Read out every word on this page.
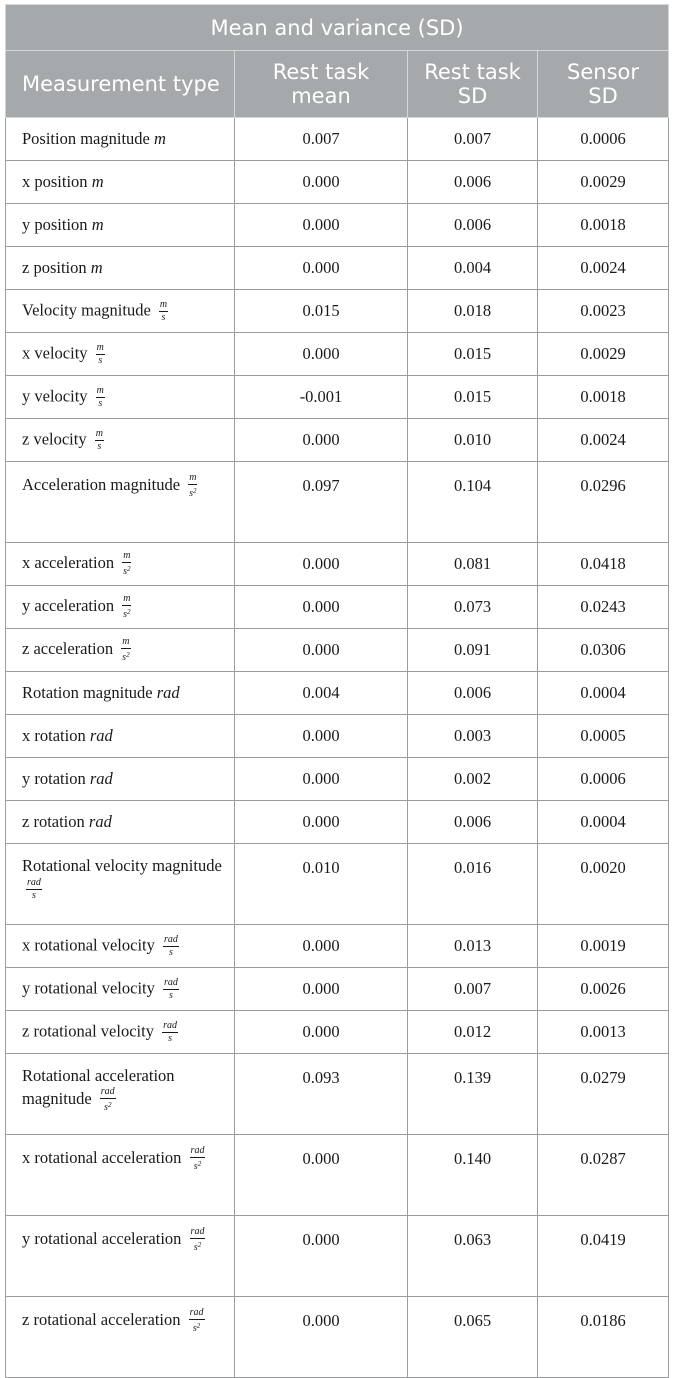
Mean and variance (SD)			
Measurement type	Rest task mean	Rest task SD	Sensor SD
Position magnitude m	0.007	0.007	0.0006
x position m	0.000	0.006	0.0029
y position m	0.000	0.006	0.0018
z position m	0.000	0.004	0.0024
Velocity magnitude $\frac{m}{s}$	0.015	0.018	0.0023
x velocity $\frac{m}{s}$	0.000	0.015	0.0029
y velocity $\frac{m}{s}$	-0.001	0.015	0.0018
z velocity $\frac{m}{s}$	0.000	0.010	0.0024
Acceleration magnitude $\frac{m}{s^2}$	0.097	0.104	0.0296
x acceleration $\frac{m}{s^2}$	0.000	0.081	0.0418
y acceleration $\frac{m}{s^2}$	0.000	0.073	0.0243
z acceleration $\frac{m}{s^2}$	0.000	0.091	0.0306
Rotation magnitude rad	0.004	0.006	0.0004
x rotation rad	0.000	0.003	0.0005
y rotation rad	0.000	0.002	0.0006
z rotation rad	0.000	0.006	0.0004
Rotational velocity magnitude
$\frac{\text{rad}}{s}$	0.010	0.016	0.0020
x rotational velocity $\frac{\text{rad}}{s}$	0.000	0.013	0.0019
y rotational velocity $\frac{\text{rad}}{s}$	0.000	0.007	0.0026
z rotational velocity $\frac{\text{rad}}{s}$	0.000	0.012	0.0013
Rotational acceleration magnitude $\frac{\text{rad}}{s^2}$	0.093	0.139	0.0279
x rotational acceleration $\frac{\text{rad}}{s^2}$	0.000	0.140	0.0287
y rotational acceleration $\frac{\text{rad}}{s^2}$	0.000	0.063	0.0419
z rotational acceleration $\frac{\text{rad}}{s^2}$	0.000	0.065	0.0186
